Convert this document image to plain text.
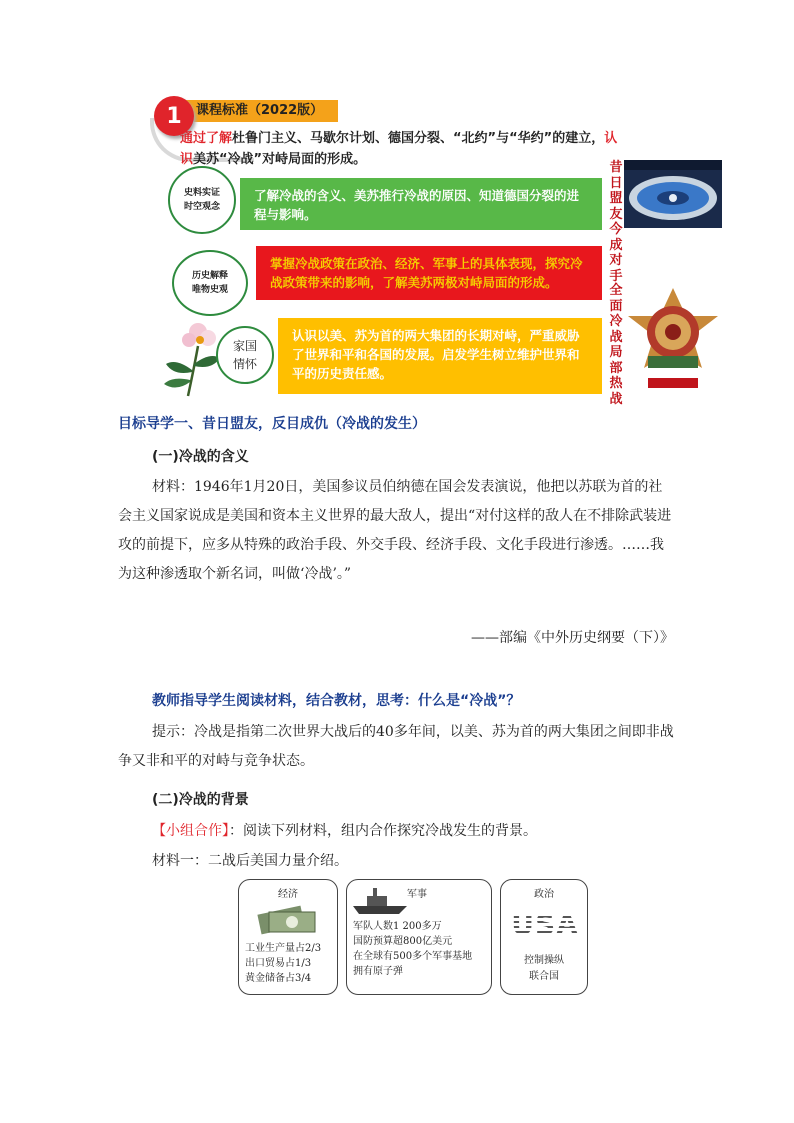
课程标准（2022版）
1
通过了解杜鲁门主义、马歇尔计划、德国分裂、“北约”与“华约”的建立，认识美苏“冷战”对峙局面的形成。
史料实证
时空观念
了解冷战的含义、美苏推行冷战的原因、知道德国分裂的进程与影响。
历史解释
唯物史观
掌握冷战政策在政治、经济、军事上的具体表现，探究冷战政策带来的影响，了解美苏两极对峙局面的形成。
家国
情怀
认识以美、苏为首的两大集团的长期对峙，严重威胁了世界和平和各国的发展。启发学生树立维护世界和平的历史责任感。
昔日盟友今成对手
全面冷战局部热战
目标导学一、昔日盟友，反目成仇（冷战的发生）
(一)冷战的含义
材料：1946年1月20日，美国参议员伯纳德在国会发表演说，他把以苏联为首的社会主义国家说成是美国和资本主义世界的最大敌人，提出“对付这样的敌人在不排除武装进攻的前提下，应多从特殊的政治手段、外交手段、经济手段、文化手段进行渗透。……我为这种渗透取个新名词，叫做‘冷战’。”
——部编《中外历史纲要（下）》
教师指导学生阅读材料，结合教材，思考：什么是“冷战”？
提示：冷战是指第二次世界大战后的40多年间，以美、苏为首的两大集团之间即非战争又非和平的对峙与竞争状态。
(二)冷战的背景
【小组合作】：阅读下列材料，组内合作探究冷战发生的背景。
材料一：二战后美国力量介绍。
经济
工业生产量占2/3
出口贸易占1/3
黄金储备占3/4
军事
军队人数1 200多万
国防预算超800亿美元
在全球有500多个军事基地
拥有原子弹
政治
USA
控制操纵
联合国
